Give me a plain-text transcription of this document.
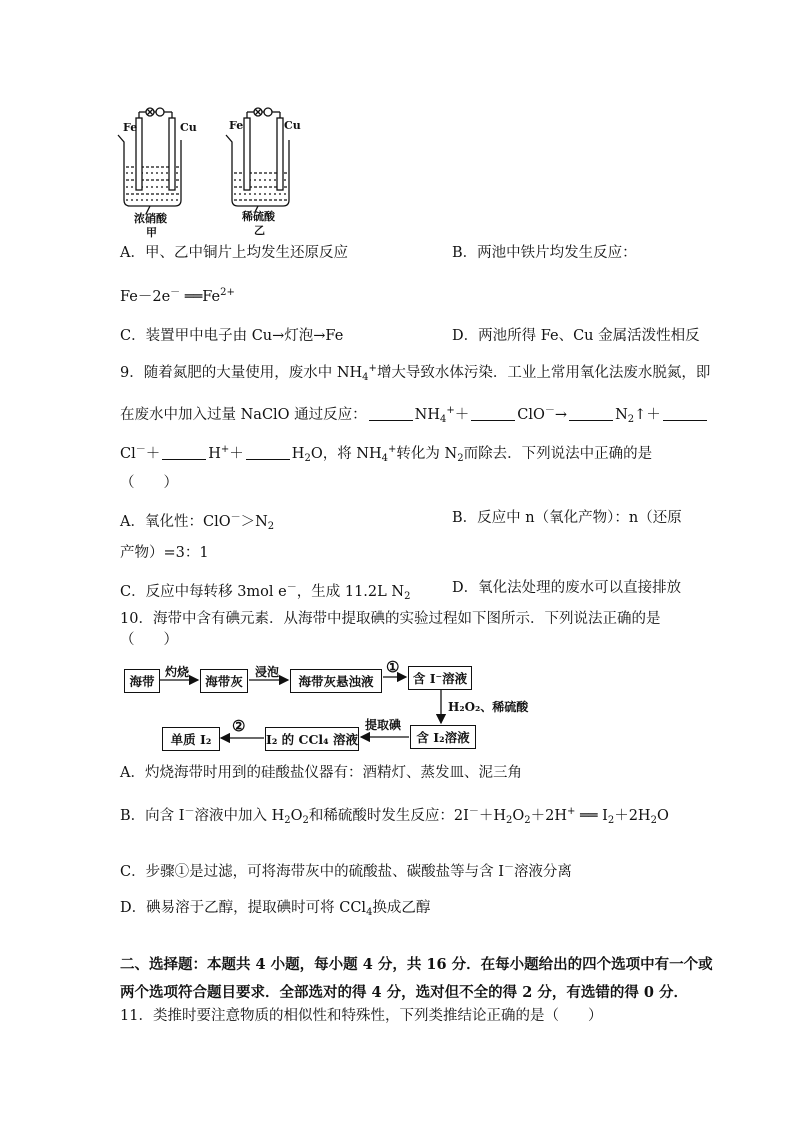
Fe	Cu
浓硝酸
甲
Fe	Cu
稀硫酸
乙
A．甲、乙中铜片上均发生还原反应	B．两池中铁片均发生反应：
Fe－2e－ $══Fe^{2+}$
C．装置甲中电子由 Cu→灯泡→Fe	D．两池所得 Fe、Cu 金属活泼性相反
9．随着氮肥的大量使用，废水中 $NH_4^+$增大导致水体污染．工业上常用氧化法废水脱氮，即
在废水中加入过量 NaClO 通过反应：	$NH_4^++$	ClO－→	$N_2↑+$
Cl－＋	H+＋	$H_2O$，将 $NH_4^+$转化为 $N_2$而除去．下列说法中正确的是
（　　）
A．氧化性：$ClO^->N_2$
B．反应中 n（氧化产物）：n（还原
产物）=3：1
C．反应中每转移 3mol e－，生成 11.2L $N_2$
D．氧化法处理的废水可以直接排放
10．海带中含有碘元素．从海带中提取碘的实验过程如下图所示．下列说法正确的是
（　　）
海带
灼烧
海带灰
浸泡
海带灰悬浊液
①
含 I⁻溶液
H₂O₂、稀硫酸
含 I₂溶液
提取碘
I₂ 的 CCl₄ 溶液
②
单质 I₂
A．灼烧海带时用到的硅酸盐仪器有：酒精灯、蒸发皿、泥三角
B．向含 I－溶液中加入 $H_2O_2$和稀硫酸时发生反应：$2I^-+H_2O_2+2H^+$ ══ $I_2+2H_2O$
C．步骤①是过滤，可将海带灰中的硫酸盐、碳酸盐等与含 I－溶液分离
D．碘易溶于乙醇，提取碘时可将 CCl$_4$换成乙醇
二、选择题：本题共 4 小题，每小题 4 分，共 16 分．在每小题给出的四个选项中有一个或
两个选项符合题目要求．全部选对的得 4 分，选对但不全的得 2 分，有选错的得 0 分．
11．类推时要注意物质的相似性和特殊性，下列类推结论正确的是（　　）
